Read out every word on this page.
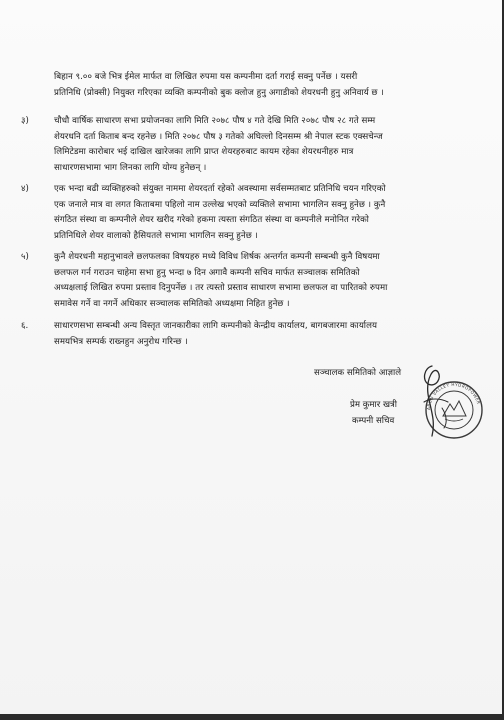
बिहान ९.०० बजे भित्र ईमेल मार्फत वा लिखित रुपमा यस कम्पनीमा दर्ता गराई सक्नु पर्नेछ । यसरी
प्रतिनिधि (प्रोक्सी) नियुक्त गरिएका व्यक्ति कम्पनीको बुक क्लोज हुनु अगाडीको शेयरधनी हुनु अनिवार्य छ ।
३)	चौधौ वार्षिक साधारण सभा प्रयोजनका लागि मिति २०७८ पौष ४ गते देखि मिति २०७८ पौष २८ गते सम्म
शेयरधनि दर्ता किताब बन्द रहनेछ । मिति २०७८ पौष ३ गतेको अघिल्लो दिनसम्म श्री नेपाल स्टक एक्सचेन्ज
लिमिटेडमा कारोबार भई दाखिल खारेजका लागि प्राप्त शेयरहरुबाट कायम रहेका शेयरधनीहरु मात्र
साधारणसभामा भाग लिनका लागि योग्य हुनेछन् ।
४)	एक भन्दा बढी व्यक्तिहरुको संयुक्त नाममा शेयरदर्ता रहेको अवस्थामा सर्वसम्मतबाट प्रतिनिधि चयन गरिएको
एक जनाले मात्र वा लगत किताबमा पहिलो नाम उल्लेख भएको व्यक्तिले सभामा भागलिन सक्नु हुनेछ । कुनै
संगठित संस्था वा कम्पनीले शेयर खरीद गरेको हकमा त्यस्ता संगठित संस्था वा कम्पनीले मनोनित गरेको
प्रतिनिधिले शेयर वालाको हैसियतले सभामा भागलिन सक्नु हुनेछ ।
५)	कुनै शेयरधनी महानुभावले छलफलका विषयहरु मध्ये विविध शिर्षक अन्तर्गत कम्पनी सम्बन्धी कुनै विषयमा
छलफल गर्न गराउन चाहेमा सभा हुनु भन्दा ७ दिन अगावै कम्पनी सचिव मार्फत सञ्चालक समितिको
अध्यक्षलाई लिखित रुपमा प्रस्ताव दिनुपर्नेछ । तर त्यस्तो प्रस्ताव साधारण सभामा छलफल वा पारितको रुपमा
समावेस गर्ने वा नगर्ने अधिकार सञ्चालक समितिको अध्यक्षमा निहित हुनेछ ।
६.	साधारणसभा सम्बन्धी अन्य विस्तृत जानकारीका लागि कम्पनीको केन्द्रीय कार्यालय, बागबजारमा कार्यालय
समयभित्र सम्पर्क राख्नहुन अनुरोध गरिन्छ ।
सञ्चालक समितिको आज्ञाले
प्रेम कुमार खत्री
कम्पनी सचिव
ARUN VALLEY HYDROPOWER
